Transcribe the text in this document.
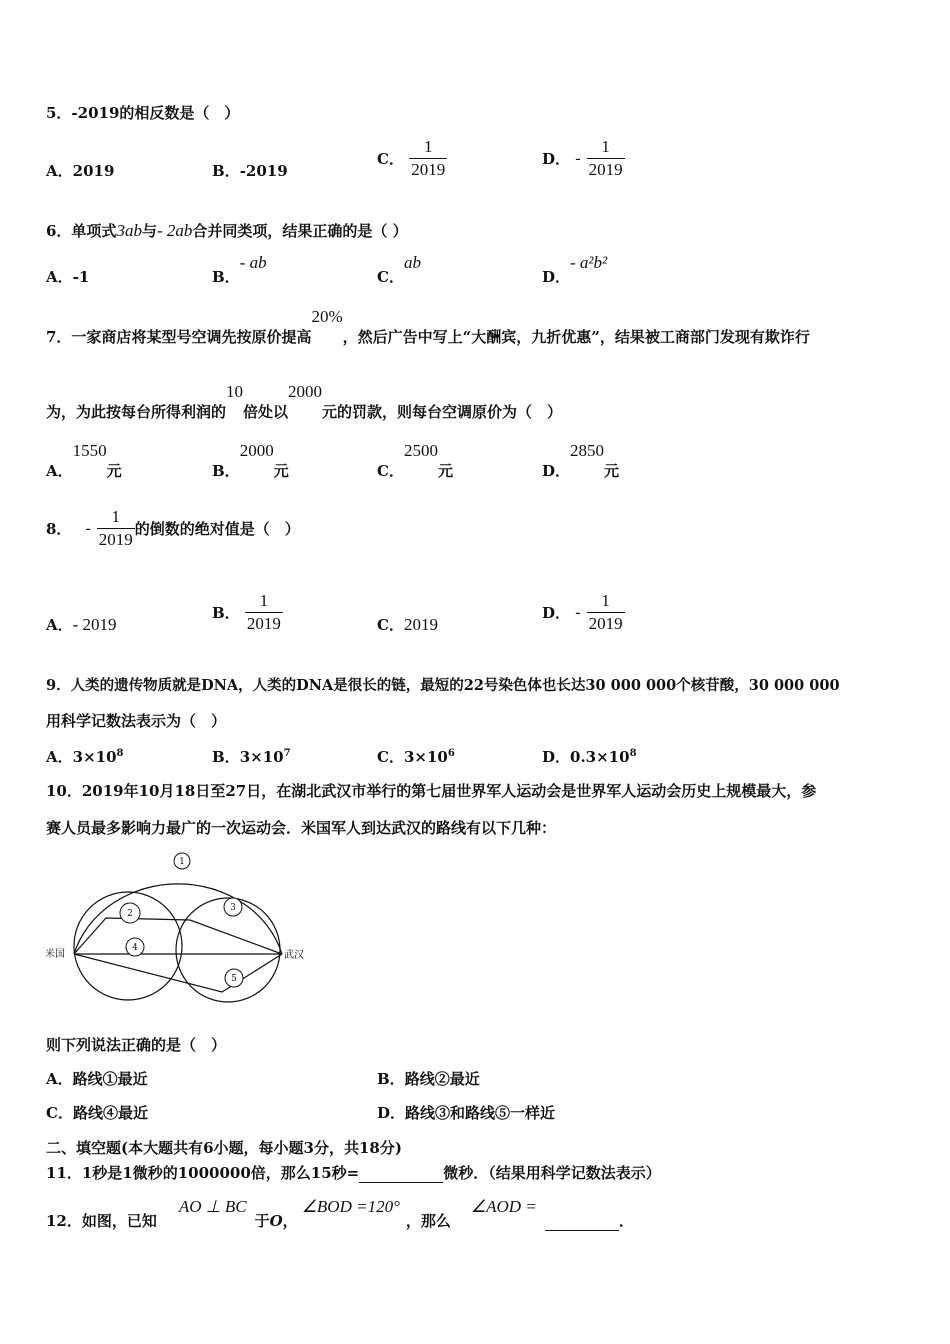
5．-2019的相反数是（　）
A．2019	B．-2019
C． $\frac{1}{2019}$	D． - $\frac{1}{2019}$
6．单项式3ab与- 2ab合并同类项，结果正确的是（ ）
A．-1	B．- ab
C．ab
D．- a²b²
7．一家商店将某型号空调先按原价提高20%，然后广告中写上“大酬宾，九折优惠”，结果被工商部门发现有欺诈行
为，为此按每台所得利润的10倍处以2000元的罚款，则每台空调原价为（　）
A．1550元	B．2000元	C．2500元	D．2850元
8． - $\frac{1}{2019}$ 的倒数的绝对值是（　）
A．- 2019
B． $\frac{1}{2019}$	C．2019
D． - $\frac{1}{2019}$
9．人类的遗传物质就是DNA，人类的DNA是很长的链，最短的22号染色体也长达30 000 000个核苷酸，30 000 000
用科学记数法表示为（　）
A．$3\times 10^8$	B．$3\times 10^7$	C．$3\times 10^6$	D．$0.3\times 10^8$
10．2019年10月18日至27日，在湖北武汉市举行的第七届世界军人运动会是世界军人运动会历史上规模最大，参
赛人员最多影响力最广的一次运动会．米国军人到达武汉的路线有以下几种：
1
2
3
4
5
米国	武汉
则下列说法正确的是（　）
A．路线①最近	B．路线②最近
C．路线④最近	D．路线③和路线⑤一样近
二、填空题(本大题共有6小题，每小题3分，共18分)
11．1秒是1微秒的1000000倍，那么15秒=	微秒．（结果用科学记数法表示）
12．如图，已知AO ⊥ BC于O，∠BOD =120°，那么∠AOD =．
